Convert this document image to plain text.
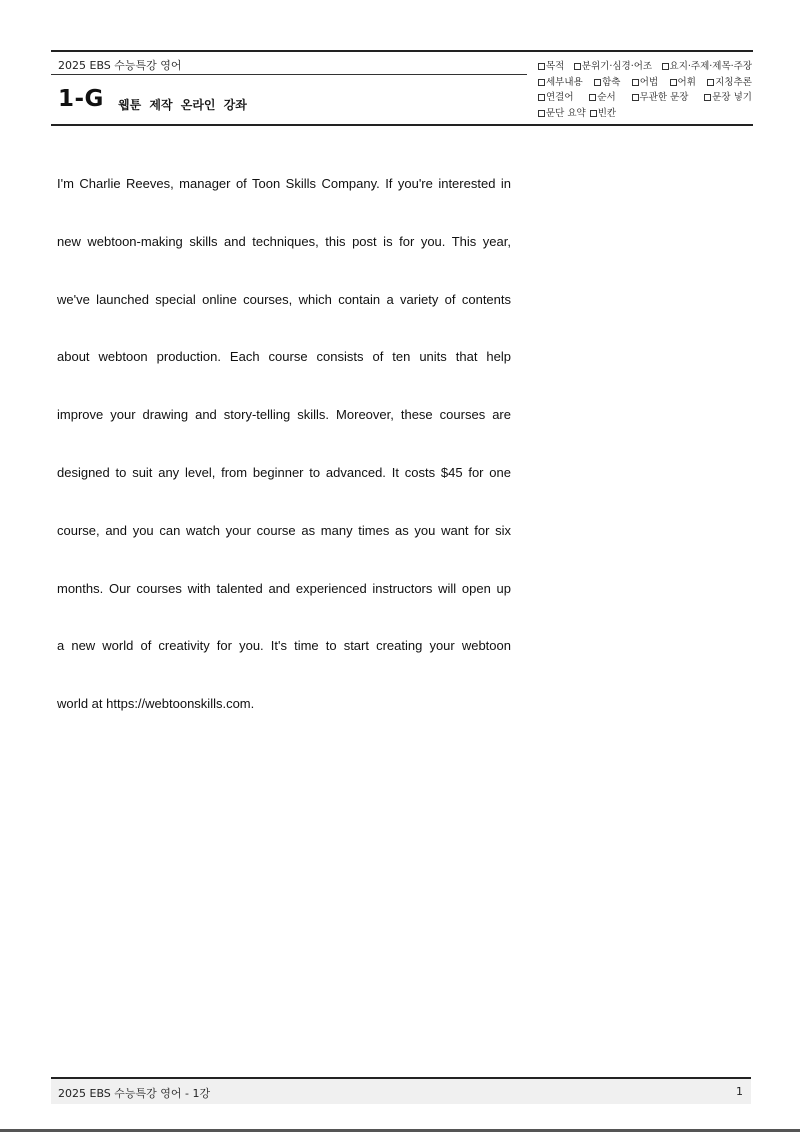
2025 EBS 수능특강 영어
1-G 웹툰 제작 온라인 강좌
목적 분위기·심경·어조 요지·주제·제목·주장
세부내용 함축 어법 어휘 지칭추론
연결어	순서	무관한 문장	문장 넣기
문단 요약 빈칸
I'm Charlie Reeves, manager of Toon Skills Company. If you're interested in
new webtoon-making skills and techniques, this post is for you. This year,
we've launched special online courses, which contain a variety of contents
about webtoon production. Each course consists of ten units that help
improve your drawing and story-telling skills. Moreover, these courses are
designed to suit any level, from beginner to advanced. It costs $45 for one
course, and you can watch your course as many times as you want for six
months. Our courses with talented and experienced instructors will open up
a new world of creativity for you. It's time to start creating your webtoon
world at https://webtoonskills.com.
2025 EBS 수능특강 영어 - 1강	1
